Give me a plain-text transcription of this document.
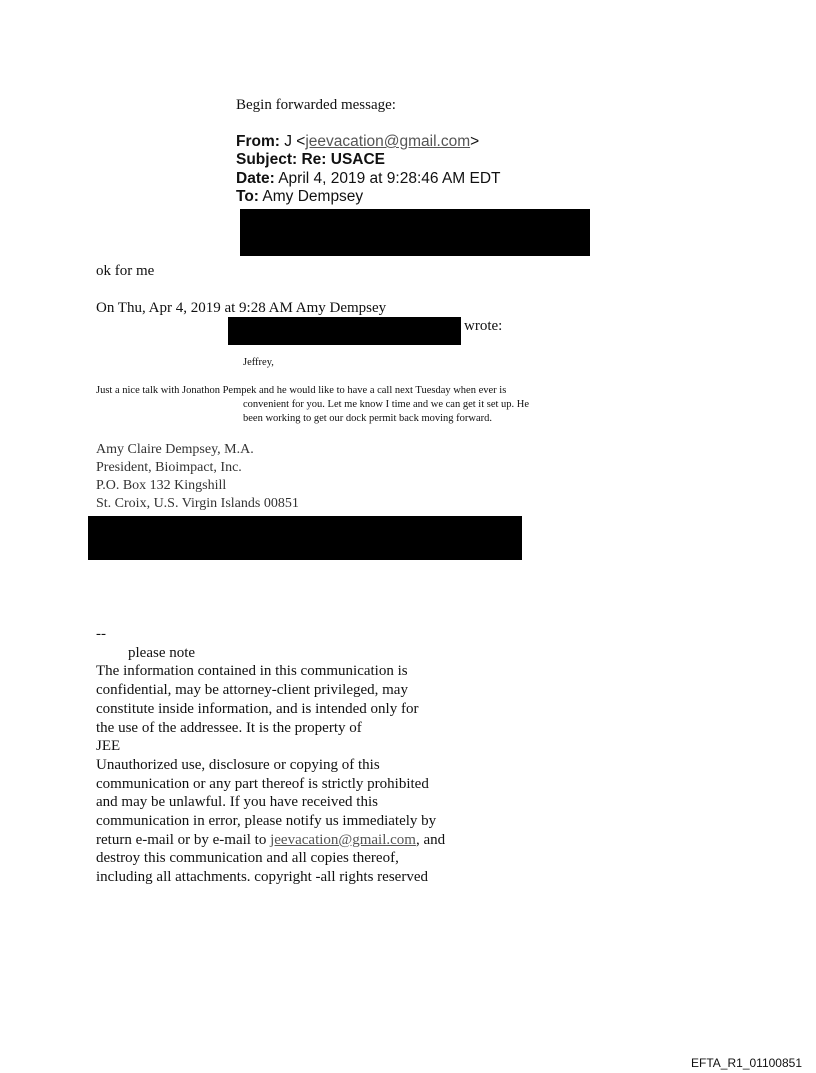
Begin forwarded message:
From: J <jeevacation@gmail.com>
Subject: Re: USACE
Date: April 4, 2019 at 9:28:46 AM EDT
To: Amy Dempsey
ok for me
On Thu, Apr 4, 2019 at 9:28 AM Amy Dempsey
wrote:
Jeffrey,
Just a nice talk with Jonathon Pempek and he would like to have a call next Tuesday when ever is
convenient for you. Let me know I time and we can get it set up. He
been working to get our dock permit back moving forward.
Amy Claire Dempsey, M.A.
President, Bioimpact, Inc.
P.O. Box 132 Kingshill
St. Croix, U.S. Virgin Islands 00851
--
please note
The information contained in this communication is
confidential, may be attorney-client privileged, may
constitute inside information, and is intended only for
the use of the addressee. It is the property of
JEE
Unauthorized use, disclosure or copying of this
communication or any part thereof is strictly prohibited
and may be unlawful. If you have received this
communication in error, please notify us immediately by
return e-mail or by e-mail to jeevacation@gmail.com, and
destroy this communication and all copies thereof,
including all attachments. copyright -all rights reserved
EFTA_R1_01100851
